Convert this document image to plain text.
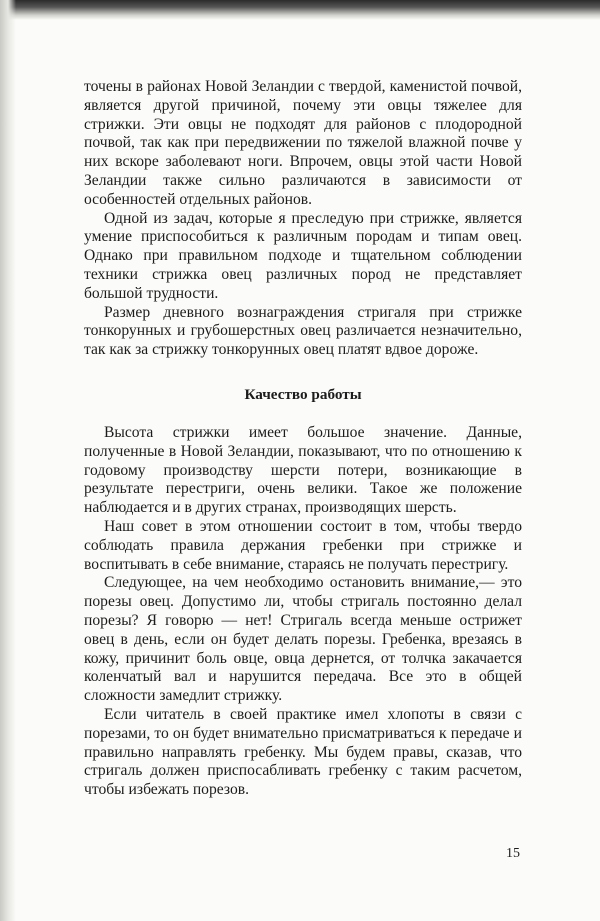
точены в районах Новой Зеландии с твердой, каменистой почвой, является другой причиной, почему эти овцы тяжелее для стрижки. Эти овцы не подходят для районов с плодородной почвой, так как при передвижении по тяжелой влажной почве у них вскоре заболевают ноги. Впрочем, овцы этой части Новой Зеландии также сильно различаются в зависимости от особенностей отдельных районов.

Одной из задач, которые я преследую при стрижке, является умение приспособиться к различным породам и типам овец. Однако при правильном подходе и тщательном соблюдении техники стрижка овец различных пород не представляет большой трудности.

Размер дневного вознаграждения стригаля при стрижке тонкорунных и грубошерстных овец различается незначительно, так как за стрижку тонкорунных овец платят вдвое дороже.

Качество работы

Высота стрижки имеет большое значение. Данные, полученные в Новой Зеландии, показывают, что по отношению к годовому производству шерсти потери, возникающие в результате перестриги, очень велики. Такое же положение наблюдается и в других странах, производящих шерсть.

Наш совет в этом отношении состоит в том, чтобы твердо соблюдать правила держания гребенки при стрижке и воспитывать в себе внимание, стараясь не получать перестригу.

Следующее, на чем необходимо остановить внимание,— это порезы овец. Допустимо ли, чтобы стригаль постоянно делал порезы? Я говорю — нет! Стригаль всегда меньше острижет овец в день, если он будет делать порезы. Гребенка, врезаясь в кожу, причинит боль овце, овца дернется, от толчка закачается коленчатый вал и нарушится передача. Все это в общей сложности замедлит стрижку.

Если читатель в своей практике имел хлопоты в связи с порезами, то он будет внимательно присматриваться к передаче и правильно направлять гребенку. Мы будем правы, сказав, что стригаль должен приспосабливать гребенку с таким расчетом, чтобы избежать порезов.

15
